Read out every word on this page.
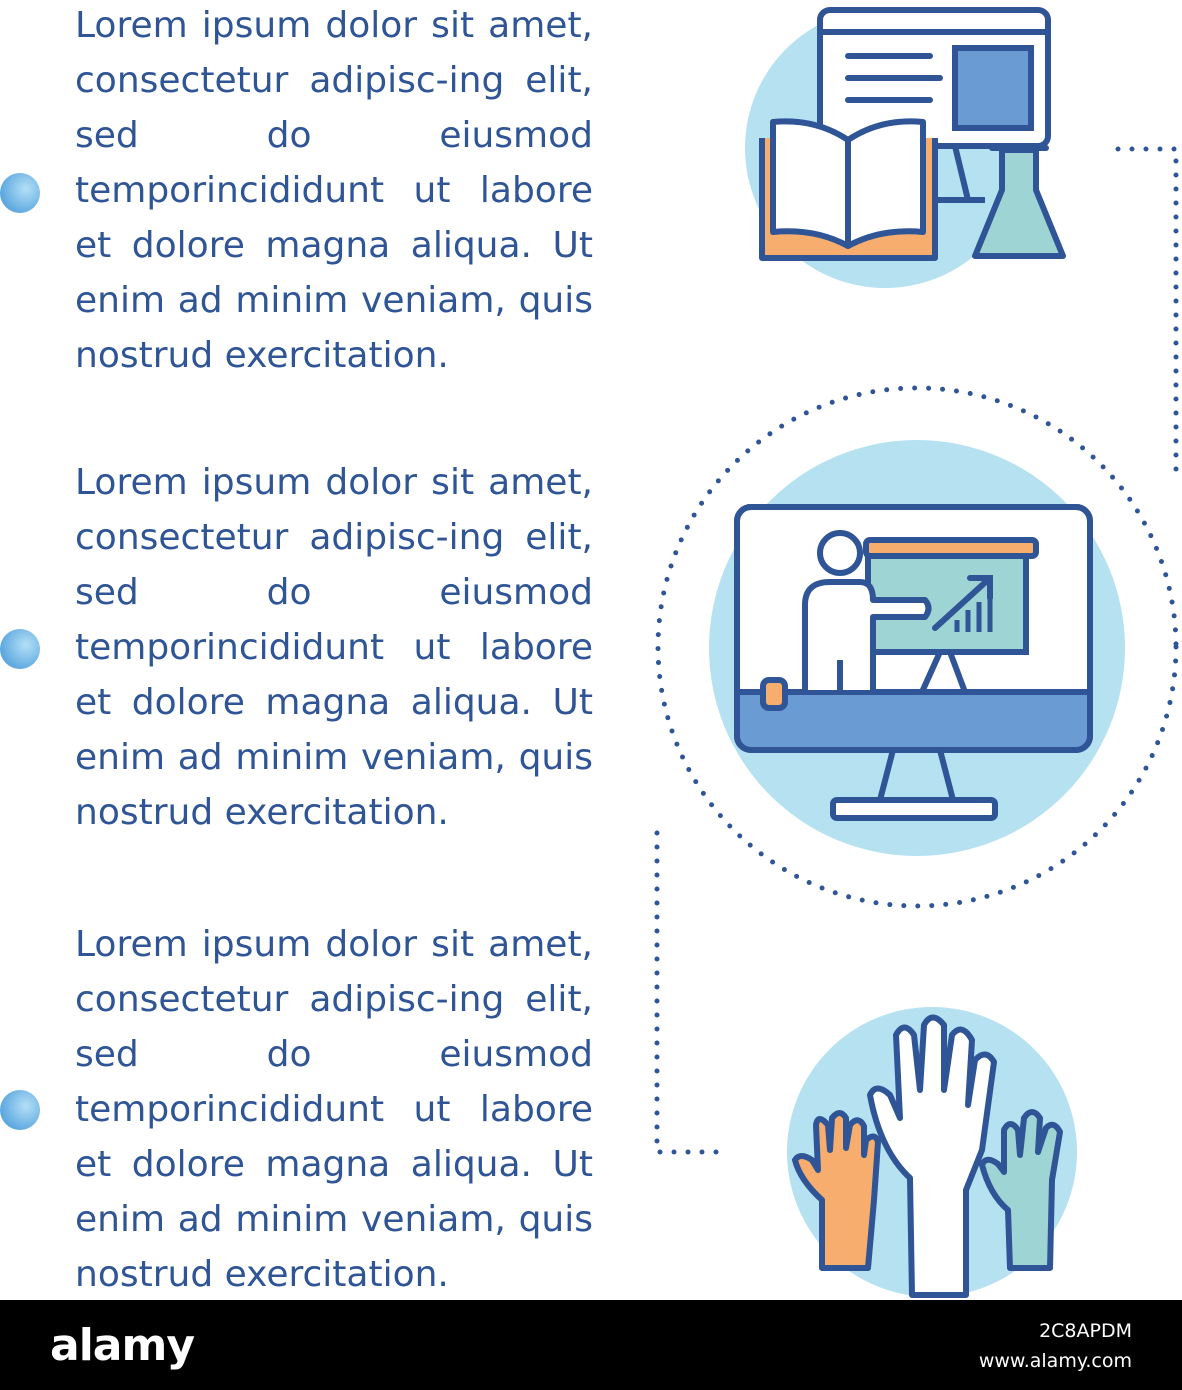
Lorem ipsum dolor sit amet, consectetur adipisc-ing elit, sed do eiusmod temporincididunt ut labore et dolore magna aliqua. Ut enim ad minim veniam, quis nostrud exercitation.

Lorem ipsum dolor sit amet, consectetur adipisc-ing elit, sed do eiusmod temporincididunt ut labore et dolore magna aliqua. Ut enim ad minim veniam, quis nostrud exercitation.

Lorem ipsum dolor sit amet, consectetur adipisc-ing elit, sed do eiusmod temporincididunt ut labore et dolore magna aliqua. Ut enim ad minim veniam, quis nostrud exercitation.

alamy	2C8APDM
www.alamy.com
